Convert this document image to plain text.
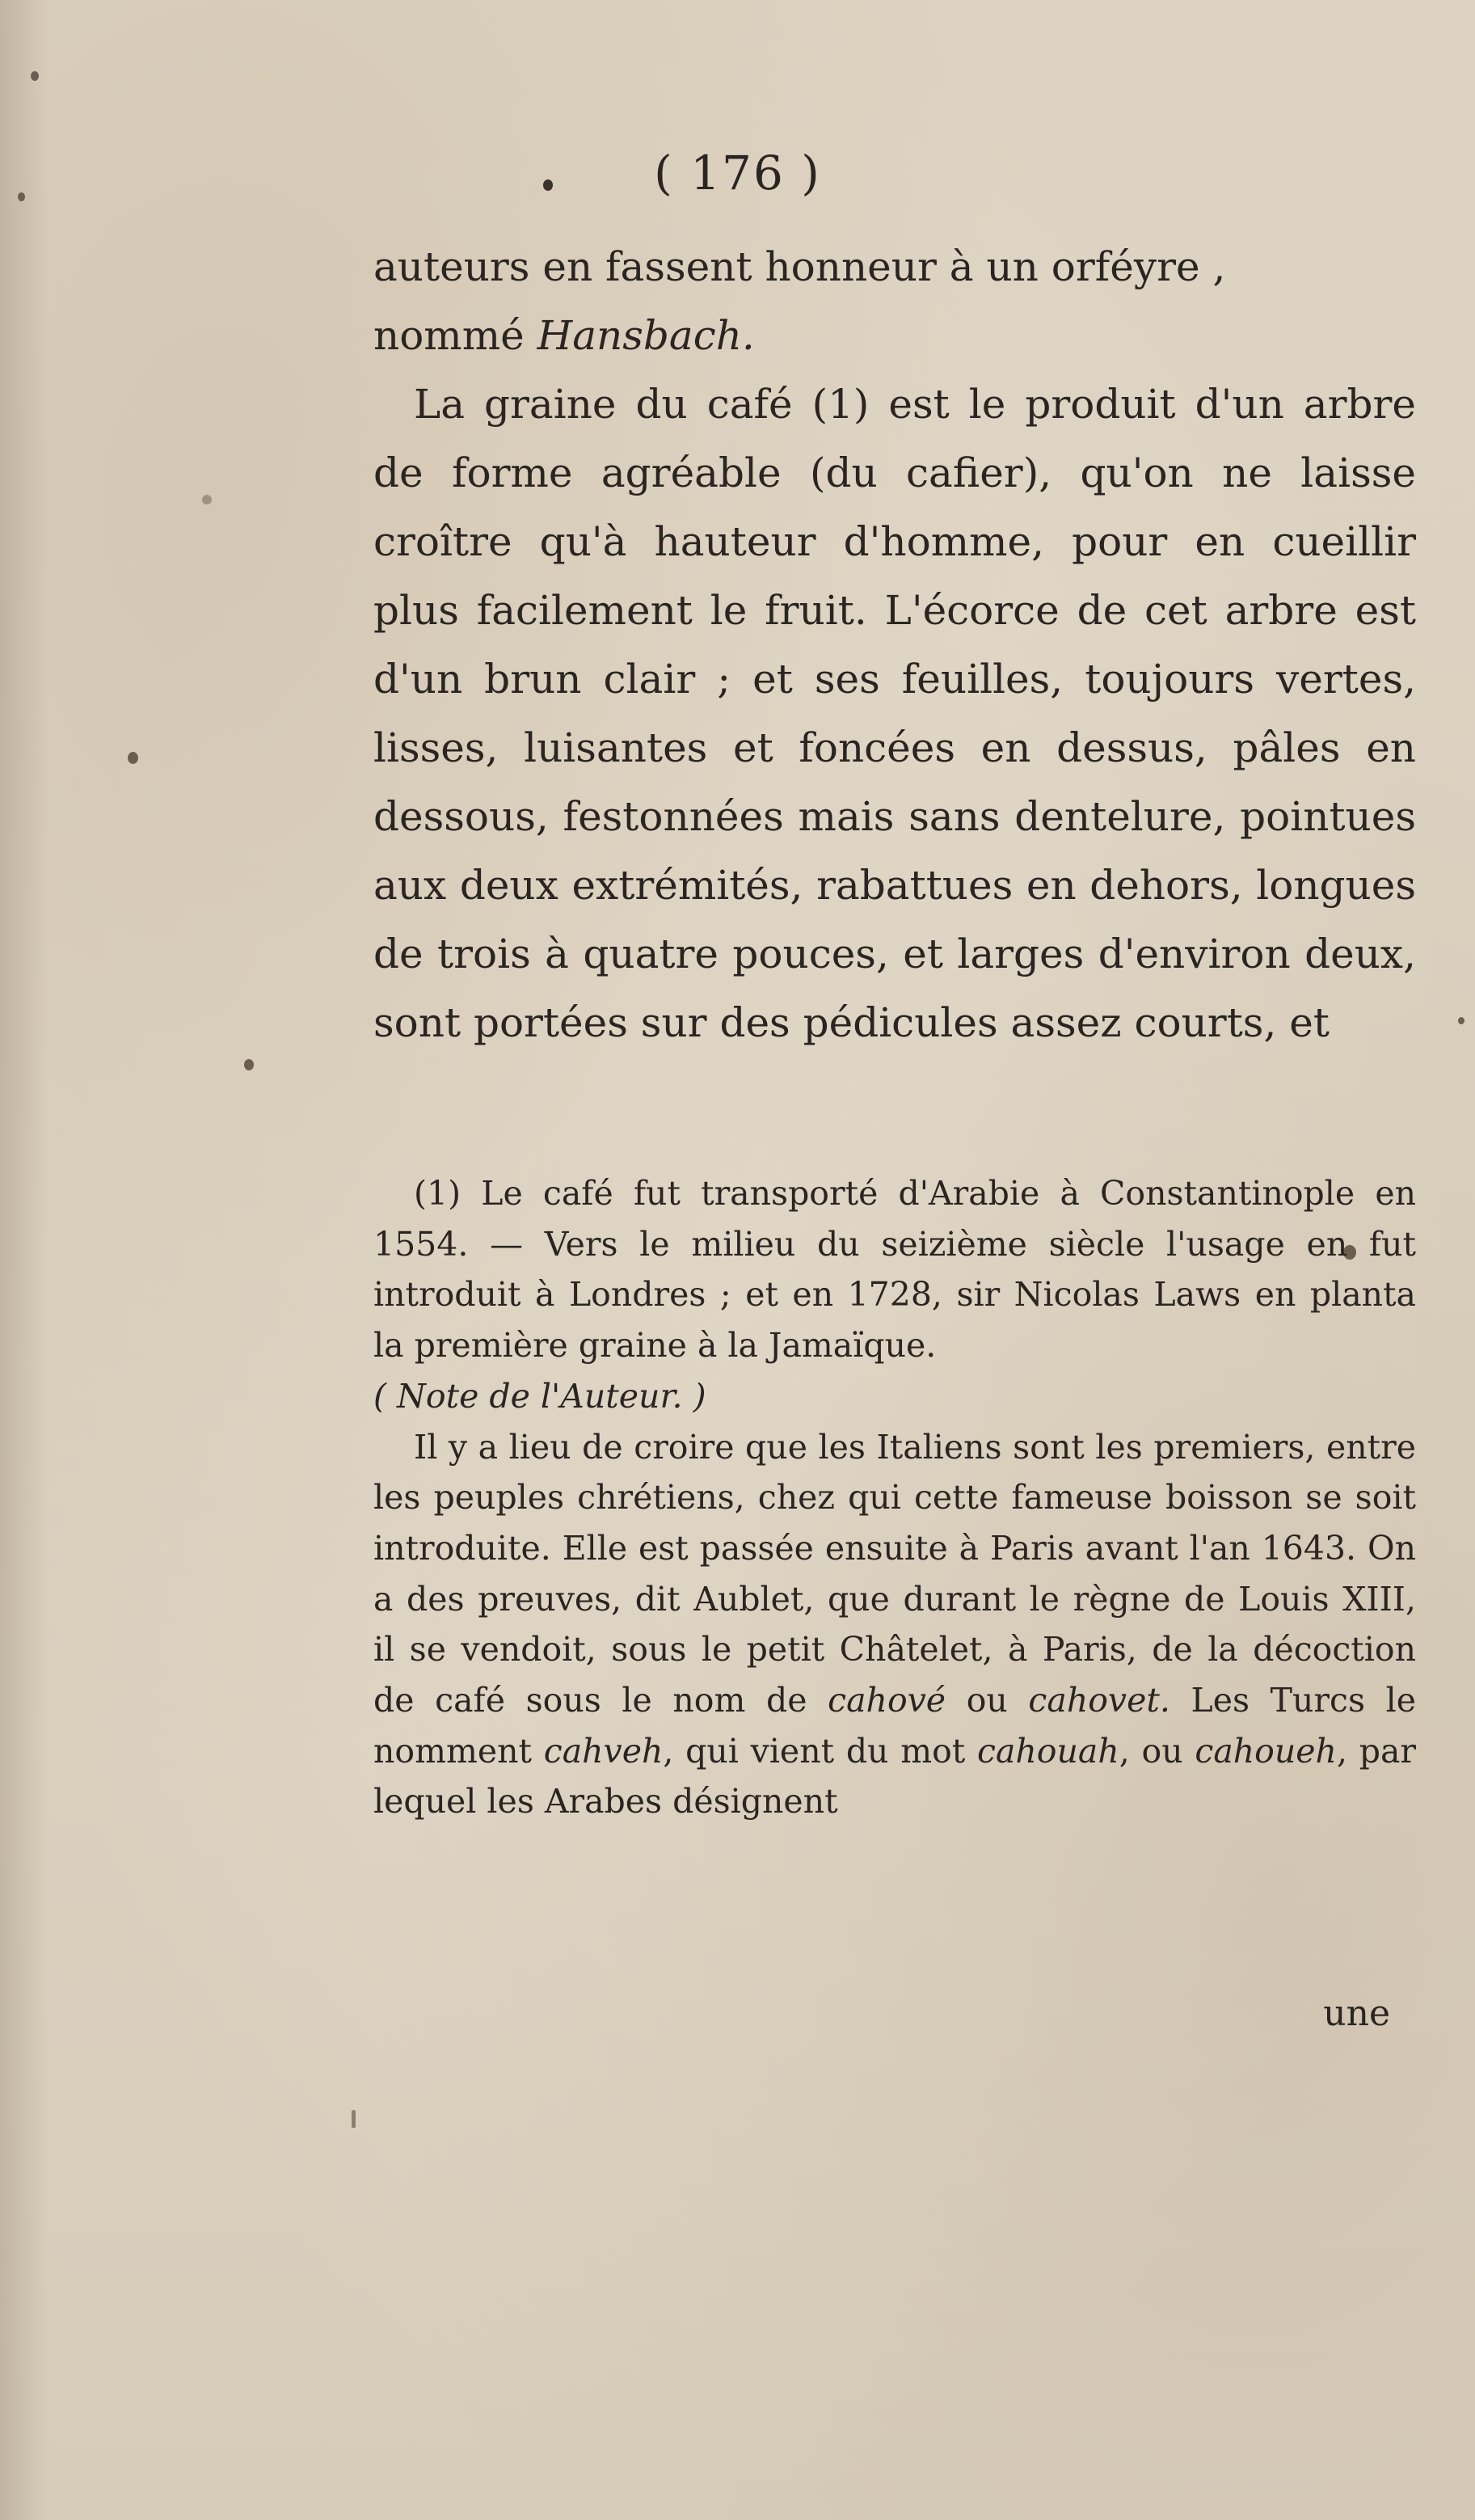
( 176 )

auteurs en fassent honneur à un orféyre ,
nommé Hansbach.

La graine du café (1) est le produit d'un arbre de forme agréable (du cafier), qu'on ne laisse croître qu'à hauteur d'homme, pour en cueillir plus facilement le fruit. L'écorce de cet arbre est d'un brun clair ; et ses feuilles, toujours vertes, lisses, luisantes et foncées en dessus, pâles en dessous, festonnées mais sans dentelure, pointues aux deux extrémités, rabattues en dehors, longues de trois à quatre pouces, et larges d'environ deux, sont portées sur des pédicules assez courts, et

(1) Le café fut transporté d'Arabie à Constantinople en 1554. — Vers le milieu du seizième siècle l'usage en fut introduit à Londres ; et en 1728, sir Nicolas Laws en planta la première graine à la Jamaïque.

( Note de l'Auteur. )

Il y a lieu de croire que les Italiens sont les premiers, entre les peuples chrétiens, chez qui cette fameuse boisson se soit introduite. Elle est passée ensuite à Paris avant l'an 1643. On a des preuves, dit Aublet, que durant le règne de Louis XIII, il se vendoit, sous le petit Châtelet, à Paris, de la décoction de café sous le nom de cahové ou cahovet. Les Turcs le nomment cahveh, qui vient du mot cahouah, ou cahoueh, par lequel les Arabes désignent

une
